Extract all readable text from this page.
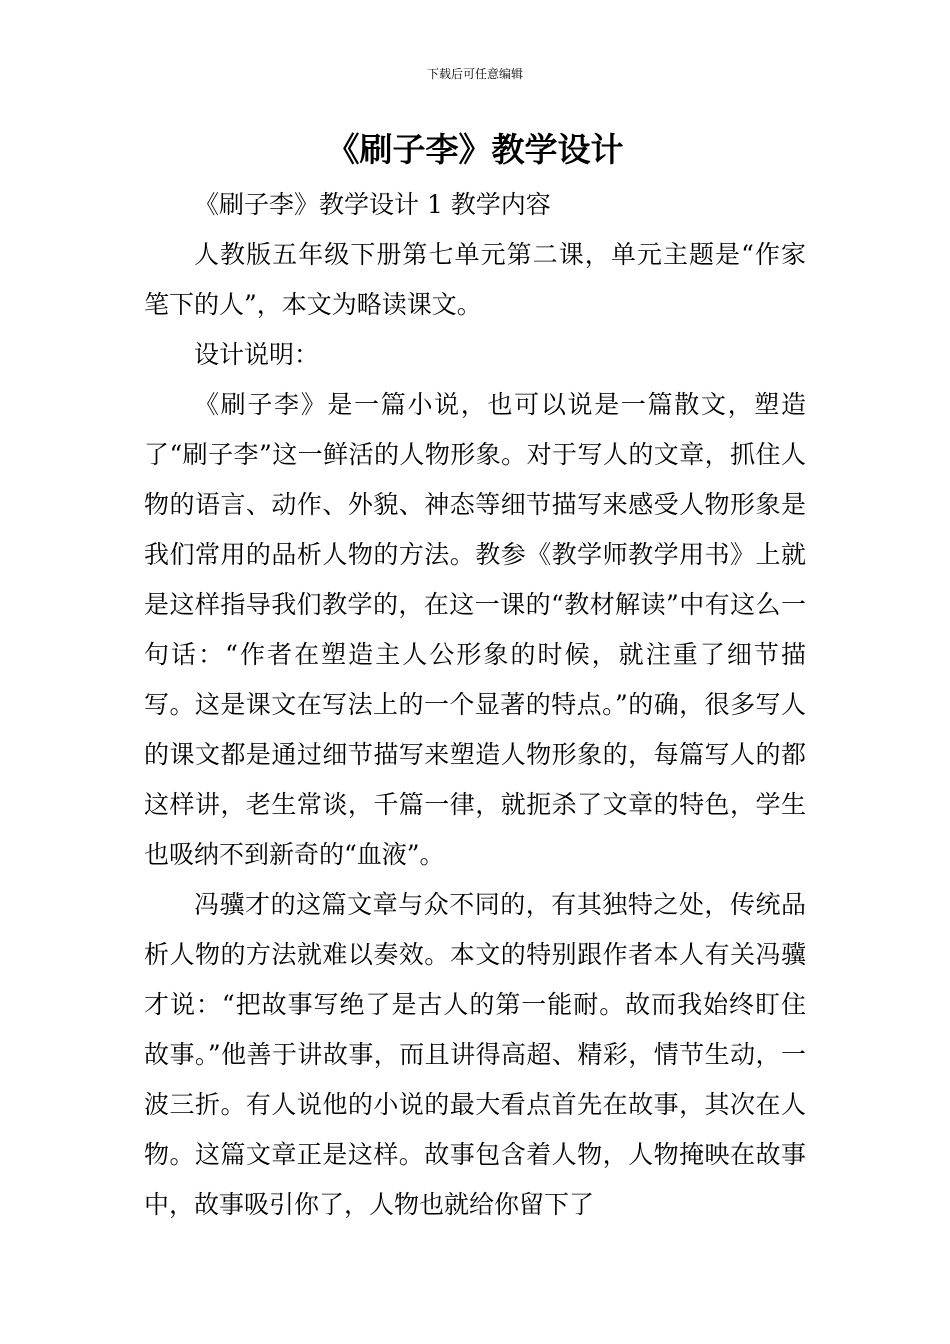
下载后可任意编辑
《刷子李》教学设计

《刷子李》教学设计 1 教学内容

人教版五年级下册第七单元第二课，单元主题是“作家笔下的人”，本文为略读课文。

设计说明：

《刷子李》是一篇小说，也可以说是一篇散文，塑造了“刷子李”这一鲜活的人物形象。对于写人的文章，抓住人物的语言、动作、外貌、神态等细节描写来感受人物形象是我们常用的品析人物的方法。教参《教学师教学用书》上就是这样指导我们教学的，在这一课的“教材解读”中有这么一句话：“作者在塑造主人公形象的时候，就注重了细节描写。这是课文在写法上的一个显著的特点。”的确，很多写人的课文都是通过细节描写来塑造人物形象的，每篇写人的都这样讲，老生常谈，千篇一律，就扼杀了文章的特色，学生也吸纳不到新奇的“血液”。

冯骥才的这篇文章与众不同的，有其独特之处，传统品析人物的方法就难以奏效。本文的特别跟作者本人有关冯骥才说：“把故事写绝了是古人的第一能耐。故而我始终盯住故事。”他善于讲故事，而且讲得高超、精彩，情节生动，一波三折。有人说他的小说的最大看点首先在故事，其次在人物。这篇文章正是这样。故事包含着人物，人物掩映在故事中，故事吸引你了，人物也就给你留下了
